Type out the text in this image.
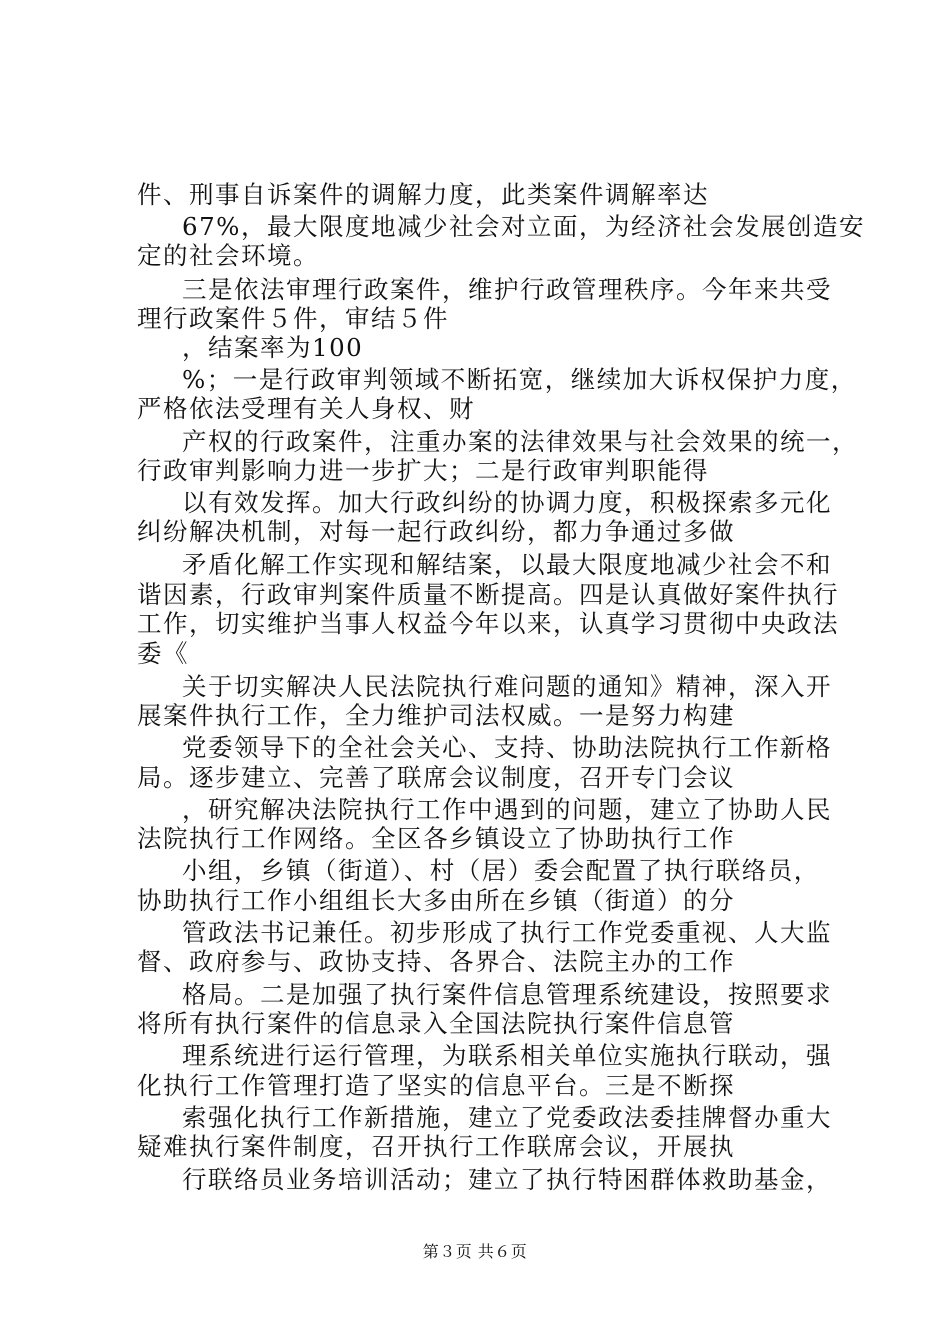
件、刑事自诉案件的调解力度，此类案件调解率达

67%，最大限度地减少社会对立面，为经济社会发展创造安

定的社会环境。

三是依法审理行政案件，维护行政管理秩序。今年来共受

理行政案件５件，审结５件

，结案率为100

%；一是行政审判领域不断拓宽，继续加大诉权保护力度，

严格依法受理有关人身权、财

产权的行政案件，注重办案的法律效果与社会效果的统一，

行政审判影响力进一步扩大；二是行政审判职能得

以有效发挥。加大行政纠纷的协调力度，积极探索多元化

纠纷解决机制，对每一起行政纠纷，都力争通过多做

矛盾化解工作实现和解结案，以最大限度地减少社会不和

谐因素，行政审判案件质量不断提高。四是认真做好案件执行

工作，切实维护当事人权益今年以来，认真学习贯彻中央政法

委《

关于切实解决人民法院执行难问题的通知》精神，深入开

展案件执行工作，全力维护司法权威。一是努力构建

党委领导下的全社会关心、支持、协助法院执行工作新格

局。逐步建立、完善了联席会议制度，召开专门会议

，研究解决法院执行工作中遇到的问题，建立了协助人民

法院执行工作网络。全区各乡镇设立了协助执行工作

小组，乡镇（街道）、村（居）委会配置了执行联络员，

协助执行工作小组组长大多由所在乡镇（街道）的分

管政法书记兼任。初步形成了执行工作党委重视、人大监

督、政府参与、政协支持、各界合、法院主办的工作

格局。二是加强了执行案件信息管理系统建设，按照要求

将所有执行案件的信息录入全国法院执行案件信息管

理系统进行运行管理，为联系相关单位实施执行联动，强

化执行工作管理打造了坚实的信息平台。三是不断探

索强化执行工作新措施，建立了党委政法委挂牌督办重大

疑难执行案件制度，召开执行工作联席会议，开展执

行联络员业务培训活动；建立了执行特困群体救助基金，

第３页 共６页
